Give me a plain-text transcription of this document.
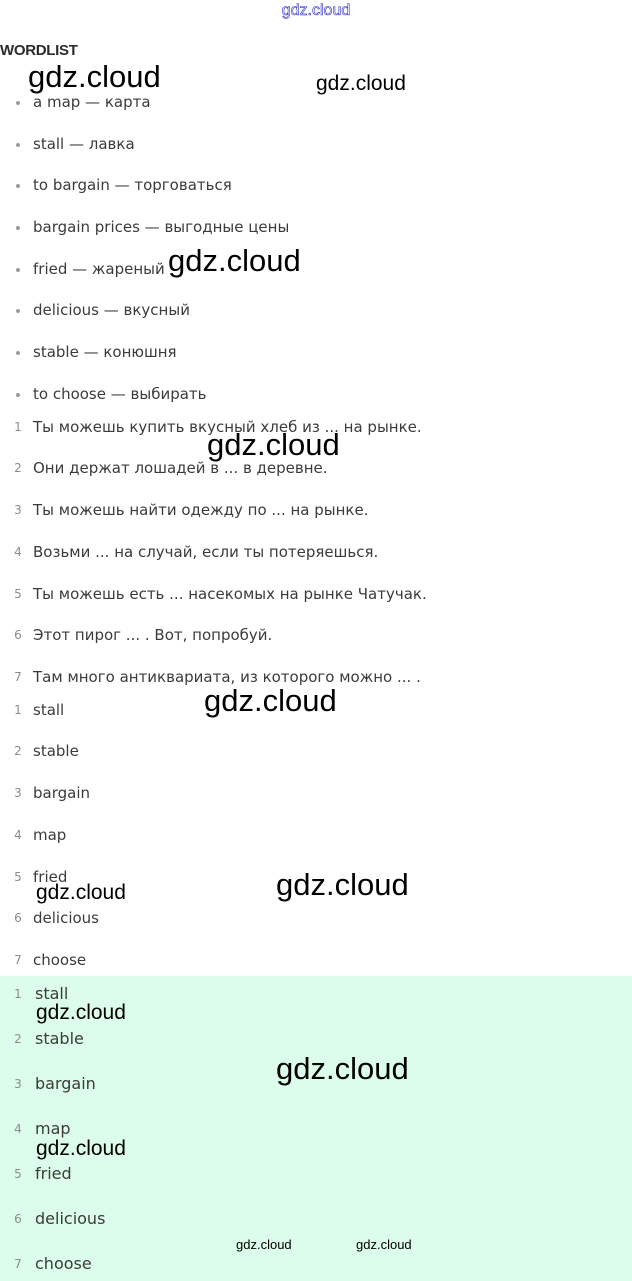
gdz.cloud
WORDLIST
a map — карта
stall — лавка
to bargain — торговаться
bargain prices — выгодные цены
fried — жареный
delicious — вкусный
stable — конюшня
to choose — выбирать
1 Ты можешь купить вкусный хлеб из ... на рынке.
2 Они держат лошадей в ... в деревне.
3 Ты можешь найти одежду по ... на рынке.
4 Возьми ... на случай, если ты потеряешься.
5 Ты можешь есть ... насекомых на рынке Чатучак.
6 Этот пирог ... . Вот, попробуй.
7 Там много антиквариата, из которого можно ... .
1 stall
2 stable
3 bargain
4 map
5 fried
6 delicious
7 choose
1 stall
2 stable
3 bargain
4 map
5 fried
6 delicious
7 choose
gdz.cloud	gdz.cloud
gdz.cloud
gdz.cloud
gdz.cloud
gdz.cloud
gdz.cloud
gdz.cloud
gdz.cloud
gdz.cloud
gdz.cloud	gdz.cloud
